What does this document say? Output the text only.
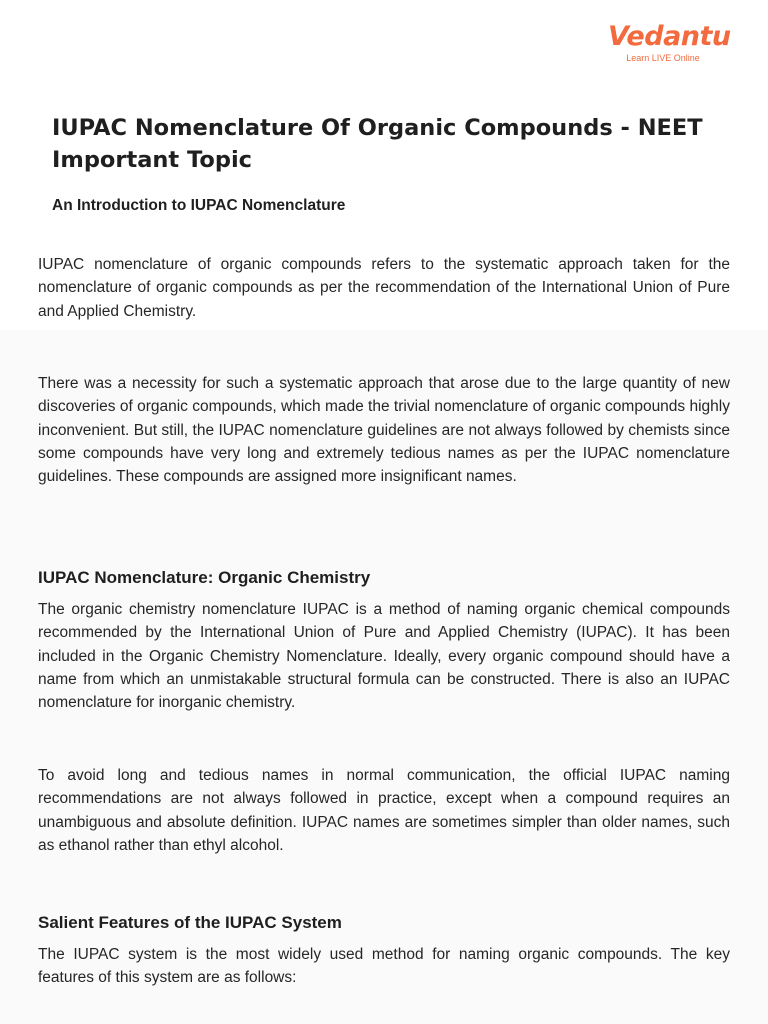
Vedantu
Learn LIVE Online
IUPAC Nomenclature Of Organic Compounds - NEET Important Topic
An Introduction to IUPAC Nomenclature

IUPAC nomenclature of organic compounds refers to the systematic approach taken for the nomenclature of organic compounds as per the recommendation of the International Union of Pure and Applied Chemistry.

There was a necessity for such a systematic approach that arose due to the large quantity of new discoveries of organic compounds, which made the trivial nomenclature of organic compounds highly inconvenient. But still, the IUPAC nomenclature guidelines are not always followed by chemists since some compounds have very long and extremely tedious names as per the IUPAC nomenclature guidelines. These compounds are assigned more insignificant names.

IUPAC Nomenclature: Organic Chemistry

The organic chemistry nomenclature IUPAC is a method of naming organic chemical compounds recommended by the International Union of Pure and Applied Chemistry (IUPAC). It has been included in the Organic Chemistry Nomenclature. Ideally, every organic compound should have a name from which an unmistakable structural formula can be constructed. There is also an IUPAC nomenclature for inorganic chemistry.

To avoid long and tedious names in normal communication, the official IUPAC naming recommendations are not always followed in practice, except when a compound requires an unambiguous and absolute definition. IUPAC names are sometimes simpler than older names, such as ethanol rather than ethyl alcohol.

Salient Features of the IUPAC System

The IUPAC system is the most widely used method for naming organic compounds. The key features of this system are as follows:
